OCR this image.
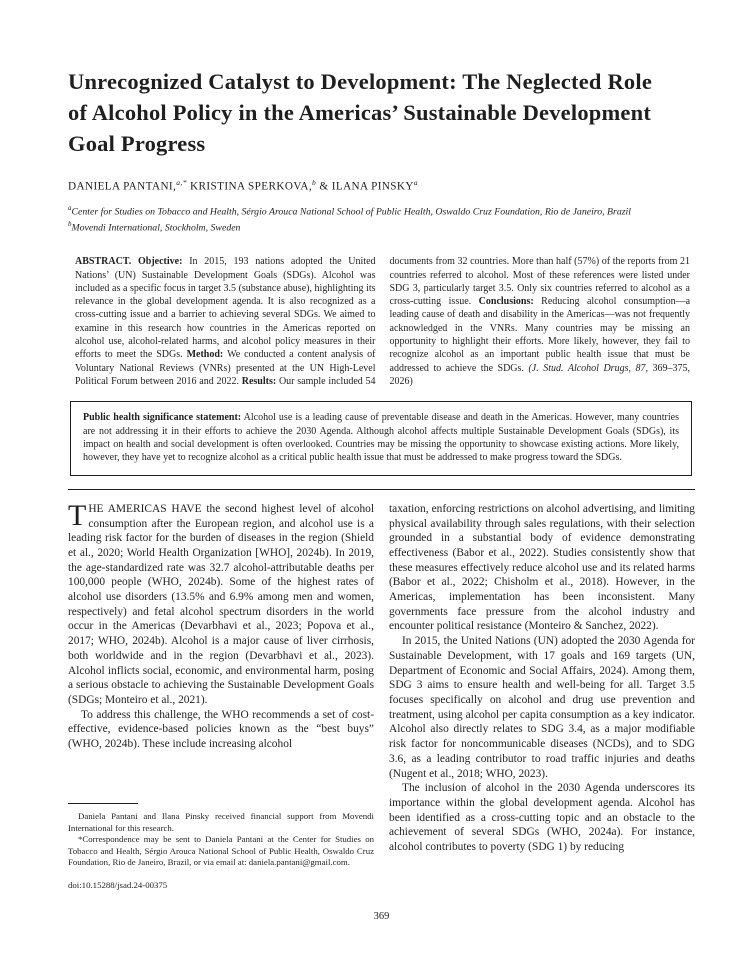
Unrecognized Catalyst to Development: The Neglected Role of Alcohol Policy in the Americas’ Sustainable Development Goal Progress
DANIELA PANTANI,$^{a,*}$ KRISTINA SPERKOVA,$^b$ & ILANA PINSKY$^a$

$^a$Center for Studies on Tobacco and Health, Sérgio Arouca National School of Public Health, Oswaldo Cruz Foundation, Rio de Janeiro, Brazil

$^b$Movendi International, Stockholm, Sweden

ABSTRACT. Objective: In 2015, 193 nations adopted the United Nations’ (UN) Sustainable Development Goals (SDGs). Alcohol was included as a specific focus in target 3.5 (substance abuse), highlighting its relevance in the global development agenda. It is also recognized as a cross-cutting issue and a barrier to achieving several SDGs. We aimed to examine in this research how countries in the Americas reported on alcohol use, alcohol-related harms, and alcohol policy measures in their efforts to meet the SDGs. Method: We conducted a content analysis of Voluntary National Reviews (VNRs) presented at the UN High-Level Political Forum between 2016 and 2022. Results: Our sample included 54 documents from 32 countries. More than half (57%) of the reports from 21 countries referred to alcohol. Most of these references were listed under SDG 3, particularly target 3.5. Only six countries referred to alcohol as a cross-cutting issue. Conclusions: Reducing alcohol consumption—a leading cause of death and disability in the Americas—was not frequently acknowledged in the VNRs. Many countries may be missing an opportunity to highlight their efforts. More likely, however, they fail to recognize alcohol as an important public health issue that must be addressed to achieve the SDGs. (J. Stud. Alcohol Drugs, 87, 369–375, 2026)

Public health significance statement: Alcohol use is a leading cause of preventable disease and death in the Americas. However, many countries are not addressing it in their efforts to achieve the 2030 Agenda. Although alcohol affects multiple Sustainable Development Goals (SDGs), its impact on health and social development is often overlooked. Countries may be missing the opportunity to showcase existing actions. More likely, however, they have yet to recognize alcohol as a critical public health issue that must be addressed to make progress toward the SDGs.

THE AMERICAS HAVE the second highest level of alcohol consumption after the European region, and alcohol use is a leading risk factor for the burden of diseases in the region (Shield et al., 2020; World Health Organization [WHO], 2024b). In 2019, the age-standardized rate was 32.7 alcohol-attributable deaths per 100,000 people (WHO, 2024b). Some of the highest rates of alcohol use disorders (13.5% and 6.9% among men and women, respectively) and fetal alcohol spectrum disorders in the world occur in the Americas (Devarbhavi et al., 2023; Popova et al., 2017; WHO, 2024b). Alcohol is a major cause of liver cirrhosis, both worldwide and in the region (Devarbhavi et al., 2023). Alcohol inflicts social, economic, and environmental harm, posing a serious obstacle to achieving the Sustainable Development Goals (SDGs; Monteiro et al., 2021).

To address this challenge, the WHO recommends a set of cost-effective, evidence-based policies known as the “best buys” (WHO, 2024b). These include increasing alcohol

Daniela Pantani and Ilana Pinsky received financial support from Movendi International for this research.

*Correspondence may be sent to Daniela Pantani at the Center for Studies on Tobacco and Health, Sérgio Arouca National School of Public Health, Oswaldo Cruz Foundation, Rio de Janeiro, Brazil, or via email at: daniela.pantani@gmail.com.

doi:10.15288/jsad.24-00375

taxation, enforcing restrictions on alcohol advertising, and limiting physical availability through sales regulations, with their selection grounded in a substantial body of evidence demonstrating effectiveness (Babor et al., 2022). Studies consistently show that these measures effectively reduce alcohol use and its related harms (Babor et al., 2022; Chisholm et al., 2018). However, in the Americas, implementation has been inconsistent. Many governments face pressure from the alcohol industry and encounter political resistance (Monteiro & Sanchez, 2022).

In 2015, the United Nations (UN) adopted the 2030 Agenda for Sustainable Development, with 17 goals and 169 targets (UN, Department of Economic and Social Affairs, 2024). Among them, SDG 3 aims to ensure health and well-being for all. Target 3.5 focuses specifically on alcohol and drug use prevention and treatment, using alcohol per capita consumption as a key indicator. Alcohol also directly relates to SDG 3.4, as a major modifiable risk factor for noncommunicable diseases (NCDs), and to SDG 3.6, as a leading contributor to road traffic injuries and deaths (Nugent et al., 2018; WHO, 2023).

The inclusion of alcohol in the 2030 Agenda underscores its importance within the global development agenda. Alcohol has been identified as a cross-cutting topic and an obstacle to the achievement of several SDGs (WHO, 2024a). For instance, alcohol contributes to poverty (SDG 1) by reducing

369
